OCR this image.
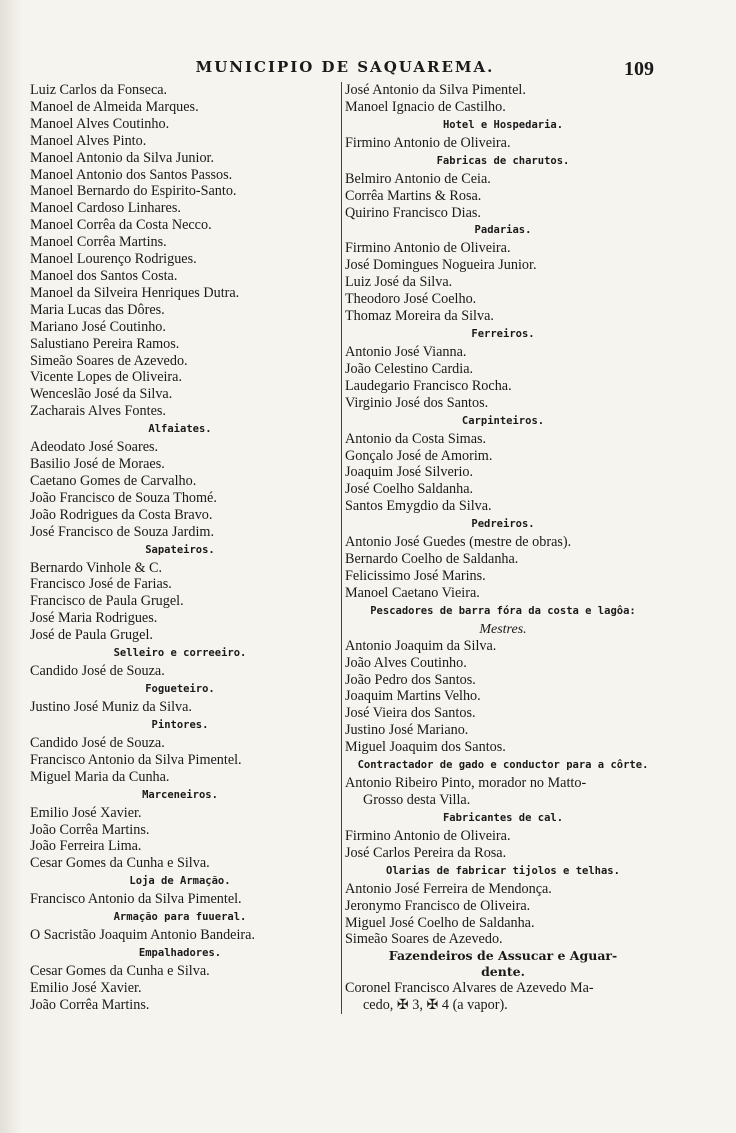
MUNICIPIO DE SAQUAREMA.	109
Luiz Carlos da Fonseca.
Manoel de Almeida Marques.
Manoel Alves Coutinho.
Manoel Alves Pinto.
Manoel Antonio da Silva Junior.
Manoel Antonio dos Santos Passos.
Manoel Bernardo do Espirito-Santo.
Manoel Cardoso Linhares.
Manoel Corrêa da Costa Necco.
Manoel Corrêa Martins.
Manoel Lourenço Rodrigues.
Manoel dos Santos Costa.
Manoel da Silveira Henriques Dutra.
Maria Lucas das Dôres.
Mariano José Coutinho.
Salustiano Pereira Ramos.
Simeão Soares de Azevedo.
Vicente Lopes de Oliveira.
Wenceslão José da Silva.
Zacharais Alves Fontes.
Alfaiates.
Adeodato José Soares.
Basilio José de Moraes.
Caetano Gomes de Carvalho.
João Francisco de Souza Thomé.
João Rodrigues da Costa Bravo.
José Francisco de Souza Jardim.
Sapateiros.
Bernardo Vinhole & C.
Francisco José de Farias.
Francisco de Paula Grugel.
José Maria Rodrigues.
José de Paula Grugel.
Selleiro e correeiro.
Candido José de Souza.
Fogueteiro.
Justino José Muniz da Silva.
Pintores.
Candido José de Souza.
Francisco Antonio da Silva Pimentel.
Miguel Maria da Cunha.
Marceneiros.
Emilio José Xavier.
João Corrêa Martins.
João Ferreira Lima.
Cesar Gomes da Cunha e Silva.
Loja de Armação.
Francisco Antonio da Silva Pimentel.
Armação para fuueral.
O Sacristão Joaquim Antonio Bandeira.
Empalhadores.
Cesar Gomes da Cunha e Silva.
Emilio José Xavier.
João Corrêa Martins.
José Antonio da Silva Pimentel.
Manoel Ignacio de Castilho.
Hotel e Hospedaria.
Firmino Antonio de Oliveira.
Fabricas de charutos.
Belmiro Antonio de Ceia.
Corrêa Martins & Rosa.
Quirino Francisco Dias.
Padarias.
Firmino Antonio de Oliveira.
José Domingues Nogueira Junior.
Luiz José da Silva.
Theodoro José Coelho.
Thomaz Moreira da Silva.
Ferreiros.
Antonio José Vianna.
João Celestino Cardia.
Laudegario Francisco Rocha.
Virginio José dos Santos.
Carpinteiros.
Antonio da Costa Simas.
Gonçalo José de Amorim.
Joaquim José Silverio.
José Coelho Saldanha.
Santos Emygdio da Silva.
Pedreiros.
Antonio José Guedes (mestre de obras).
Bernardo Coelho de Saldanha.
Felicissimo José Marins.
Manoel Caetano Vieira.
Pescadores de barra fóra da costa e lagôa:
Mestres.
Antonio Joaquim da Silva.
João Alves Coutinho.
João Pedro dos Santos.
Joaquim Martins Velho.
José Vieira dos Santos.
Justino José Mariano.
Miguel Joaquim dos Santos.
Contractador de gado e conductor para a côrte.
Antonio Ribeiro Pinto, morador no Matto-
Grosso desta Villa.
Fabricantes de cal.
Firmino Antonio de Oliveira.
José Carlos Pereira da Rosa.
Olarias de fabricar tijolos e telhas.
Antonio José Ferreira de Mendonça.
Jeronymo Francisco de Oliveira.
Miguel José Coelho de Saldanha.
Simeão Soares de Azevedo.
Fazendeiros de Assucar e Aguar-
dente.
Coronel Francisco Alvares de Azevedo Ma-
cedo, ✠ 3, ✠ 4 (a vapor).
